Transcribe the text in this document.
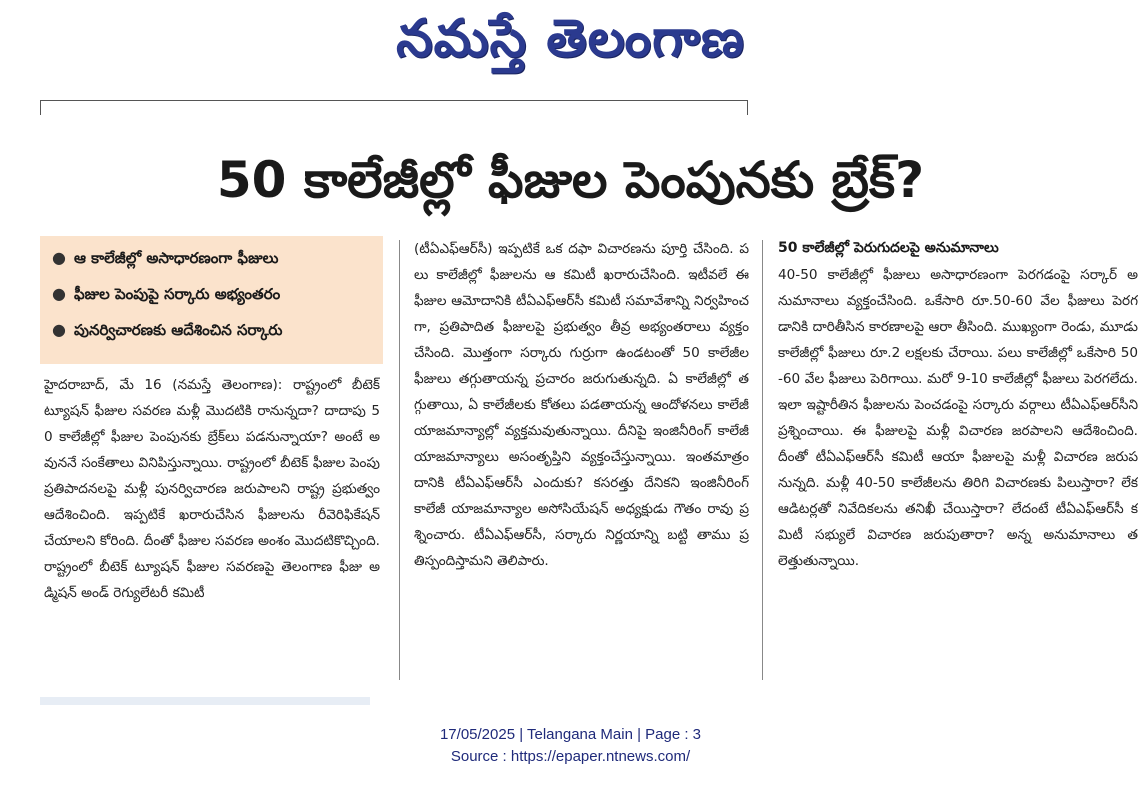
నమస్తే తెలంగాణ
50 కాలేజీల్లో ఫీజుల పెంపునకు బ్రేక్?
● ఆ కాలేజీల్లో అసాధారణంగా ఫీజులు
● ఫీజుల పెంపుపై సర్కారు అభ్యంతరం
● పునర్విచారణకు ఆదేశించిన సర్కారు
హైదరాబాద్, మే 16 (నమస్తే తెలంగాణ): రాష్ట్రంలో బీటెక్ ట్యూషన్ ఫీజుల సవరణ మళ్లీ మొదటికి రానున్నదా? దాదాపు 50 కాలేజీల్లో ఫీజుల పెంపునకు బ్రేక్‌లు పడనున్నాయా? అంటే అవుననే సంకేతాలు వినిపిస్తున్నాయి. రాష్ట్రంలో బీటెక్ ఫీజుల పెంపు ప్రతిపాదనలపై మళ్లీ పునర్విచారణ జరుపాలని రాష్ట్ర ప్రభుత్వం ఆదేశించింది. ఇప్పటికే ఖరారుచేసిన ఫీజులను రీవెరిఫికేషన్ చేయాలని కోరింది. దీంతో ఫీజుల సవరణ అంశం మొదటికొచ్చింది. రాష్ట్రంలో బీటెక్ ట్యూషన్ ఫీజుల సవరణపై తెలంగాణ ఫీజు అడ్మిషన్ అండ్ రెగ్యులేటరీ కమిటీ
(టీఏఎఫ్‌ఆర్‌సీ) ఇప్పటికే ఒక దఫా విచారణను పూర్తి చేసింది. పలు కాలేజీల్లో ఫీజులను ఆ కమిటీ ఖరారుచేసింది. ఇటీవలే ఈ ఫీజుల ఆమోదానికి టీఏఎఫ్‌ఆర్‌సీ కమిటీ సమావేశాన్ని నిర్వహించగా, ప్రతిపాదిత ఫీజులపై ప్రభుత్వం తీవ్ర అభ్యంతరాలు వ్యక్తం చేసింది. మొత్తంగా సర్కారు గుర్రుగా ఉండటంతో 50 కాలేజీల ఫీజులు తగ్గుతాయన్న ప్రచారం జరుగుతున్నది. ఏ కాలేజీల్లో తగ్గుతాయి, ఏ కాలేజీలకు కోతలు పడతాయన్న ఆందోళనలు కాలేజీ యాజమాన్యాల్లో వ్యక్తమవుతున్నాయి. దీనిపై ఇంజినీరింగ్ కాలేజీ యాజమాన్యాలు అసంతృప్తిని వ్యక్తంచేస్తున్నాయి. ఇంతమాత్రం దానికి టీఏఎఫ్‌ఆర్‌సీ ఎందుకు? కసరత్తు దేనికని ఇంజినీరింగ్ కాలేజీ యాజమాన్యాల అసోసియేషన్ అధ్యక్షుడు గౌతం రావు ప్రశ్నించారు. టీఏఎఫ్‌ఆర్‌సీ, సర్కారు నిర్ణయాన్ని బట్టి తాము ప్రతిస్పందిస్తామని తెలిపారు.
50 కాలేజీల్లో పెరుగుదలపై అనుమానాలు
40-50 కాలేజీల్లో ఫీజులు అసాధారణంగా పెరగడంపై సర్కార్ అనుమానాలు వ్యక్తంచేసింది. ఒకేసారి రూ.50-60 వేల ఫీజులు పెరగడానికి దారితీసిన కారణాలపై ఆరా తీసింది. ముఖ్యంగా రెండు, మూడు కాలేజీల్లో ఫీజులు రూ.2 లక్షలకు చేరాయి. పలు కాలేజీల్లో ఒకేసారి 50-60 వేల ఫీజులు పెరిగాయి. మరో 9-10 కాలేజీల్లో ఫీజులు పెరగలేదు. ఇలా ఇష్టారీతిన ఫీజులను పెంచడంపై సర్కారు వర్గాలు టీఏఎఫ్‌ఆర్‌సీని ప్రశ్నించాయి. ఈ ఫీజులపై మళ్లీ విచారణ జరపాలని ఆదేశించింది. దీంతో టీఏఎఫ్‌ఆర్‌సీ కమిటీ ఆయా ఫీజులపై మళ్లీ విచారణ జరుపనున్నది. మళ్లీ 40-50 కాలేజీలను తిరిగి విచారణకు పిలుస్తారా? లేక ఆడిటర్లతో నివేదికలను తనిఖీ చేయిస్తారా? లేదంటే టీఏఎఫ్‌ఆర్‌సీ కమిటీ సభ్యులే విచారణ జరుపుతారా? అన్న అనుమానాలు తలెత్తుతున్నాయి.
17/05/2025 | Telangana Main | Page : 3
Source : https://epaper.ntnews.com/
